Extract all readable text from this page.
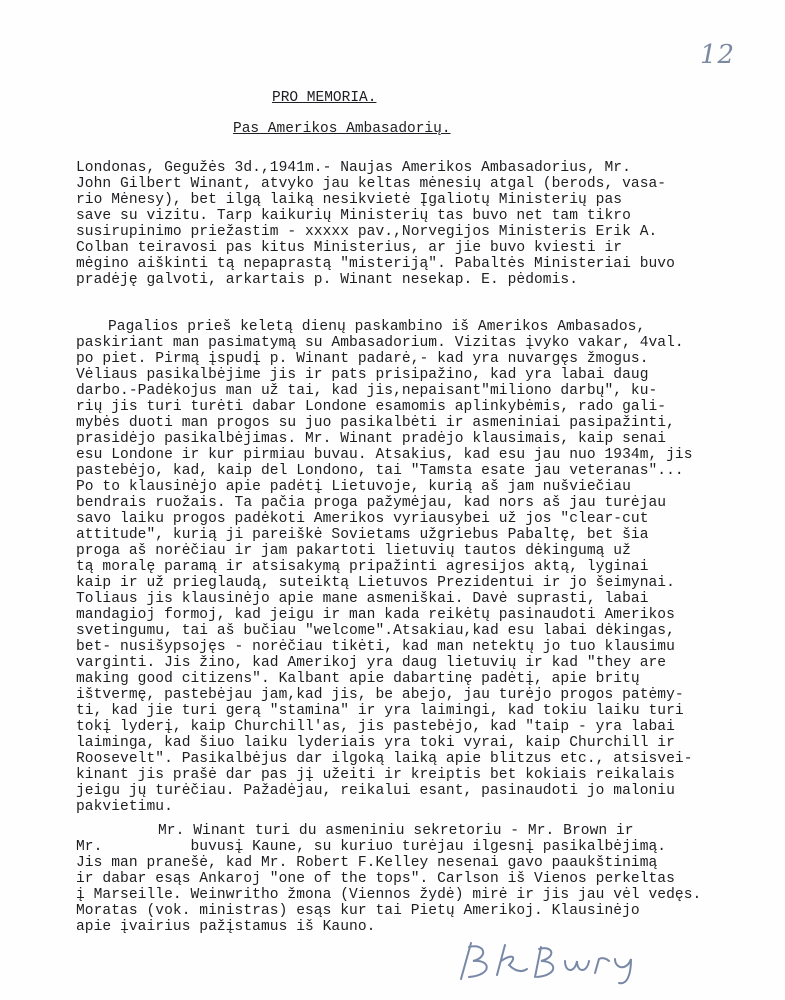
12
PRO MEMORIA.
Pas Amerikos Ambasadorių.
Londonas, Gegužės 3d.,1941m.- Naujas Amerikos Ambasadorius, Mr.
John Gilbert Winant, atvyko jau keltas mėnesių atgal (berods, vasa-
rio Mėnesy), bet ilgą laiką nesikvietė Įgaliotų Ministerių pas
save su vizitu. Tarp kaikurių Ministerių tas buvo net tam tikro
susirupinimo priežastim - xxxxx pav.,Norvegijos Ministeris Erik A.
Colban teiravosi pas kitus Ministerius, ar jie buvo kviesti ir
mėgino aiškinti tą nepaprastą "misteriją". Pabaltės Ministeriai buvo
pradėję galvoti, arkartais p. Winant nesekap. E. pėdomis.
Pagalios prieš keletą dienų paskambino iš Amerikos Ambasados,
paskiriant man pasimatymą su Ambasadorium. Vizitas įvyko vakar, 4val.
po piet. Pirmą įspudį p. Winant padarė,- kad yra nuvargęs žmogus.
Vėliaus pasikalbėjime jis ir pats prisipažino, kad yra labai daug
darbo.-Padėkojus man už tai, kad jis,nepaisant"miliono darbų", ku-
rių jis turi turėti dabar Londone esamomis aplinkybėmis, rado gali-
mybės duoti man progos su juo pasikalbėti ir asmeniniai pasipažinti,
prasidėjo pasikalbėjimas. Mr. Winant pradėjo klausimais, kaip senai
esu Londone ir kur pirmiau buvau. Atsakius, kad esu jau nuo 1934m, jis
pastebėjo, kad, kaip del Londono, tai "Tamsta esate jau veteranas"...
Po to klausinėjo apie padėtį Lietuvoje, kurią aš jam nušviečiau
bendrais ruožais. Ta pačia proga pažymėjau, kad nors aš jau turėjau
savo laiku progos padėkoti Amerikos vyriausybei už jos "clear-cut
attitude", kurią ji pareiškė Sovietams užgriebus Pabaltę, bet šia
proga aš norėčiau ir jam pakartoti lietuvių tautos dėkingumą už
tą moralę paramą ir atsisakymą pripažinti agresijos aktą, lyginai
kaip ir už prieglaudą, suteiktą Lietuvos Prezidentui ir jo šeimynai.
Toliaus jis klausinėjo apie mane asmeniškai. Davė suprasti, labai
mandagioj formoj, kad jeigu ir man kada reikėtų pasinaudoti Amerikos
svetingumu, tai aš bučiau "welcome".Atsakiau,kad esu labai dėkingas,
bet- nusišypsojęs - norėčiau tikėti, kad man netektų jo tuo klausimu
varginti. Jis žino, kad Amerikoj yra daug lietuvių ir kad "they are
making good citizens". Kalbant apie dabartinę padėtį, apie britų
ištvermę, pastebėjau jam,kad jis, be abejo, jau turėjo progos patėmy-
ti, kad jie turi gerą "stamina" ir yra laimingi, kad tokiu laiku turi
tokį lyderį, kaip Churchill'as, jis pastebėjo, kad "taip - yra labai
laiminga, kad šiuo laiku lyderiais yra toki vyrai, kaip Churchill ir
Roosevelt". Pasikalbėjus dar ilgoką laiką apie blitzus etc., atsisvei-
kinant jis prašė dar pas jį užeiti ir kreiptis bet kokiais reikalais
jeigu jų turėčiau. Pažadėjau, reikalui esant, pasinaudoti jo maloniu
pakvietimu.
Mr. Winant turi du asmeniniu sekretoriu - Mr. Brown ir
Mr.          buvusį Kaune, su kuriuo turėjau ilgesnį pasikalbėjimą.
Jis man pranešė, kad Mr. Robert F.Kelley nesenai gavo paaukštinimą
ir dabar esąs Ankaroj "one of the tops". Carlson iš Vienos perkeltas
į Marseille. Weinwritho žmona (Viennos žydė) mirė ir jis jau vėl vedęs.
Moratas (vok. ministras) esąs kur tai Pietų Amerikoj. Klausinėjo
apie įvairius pažįstamus iš Kauno.
